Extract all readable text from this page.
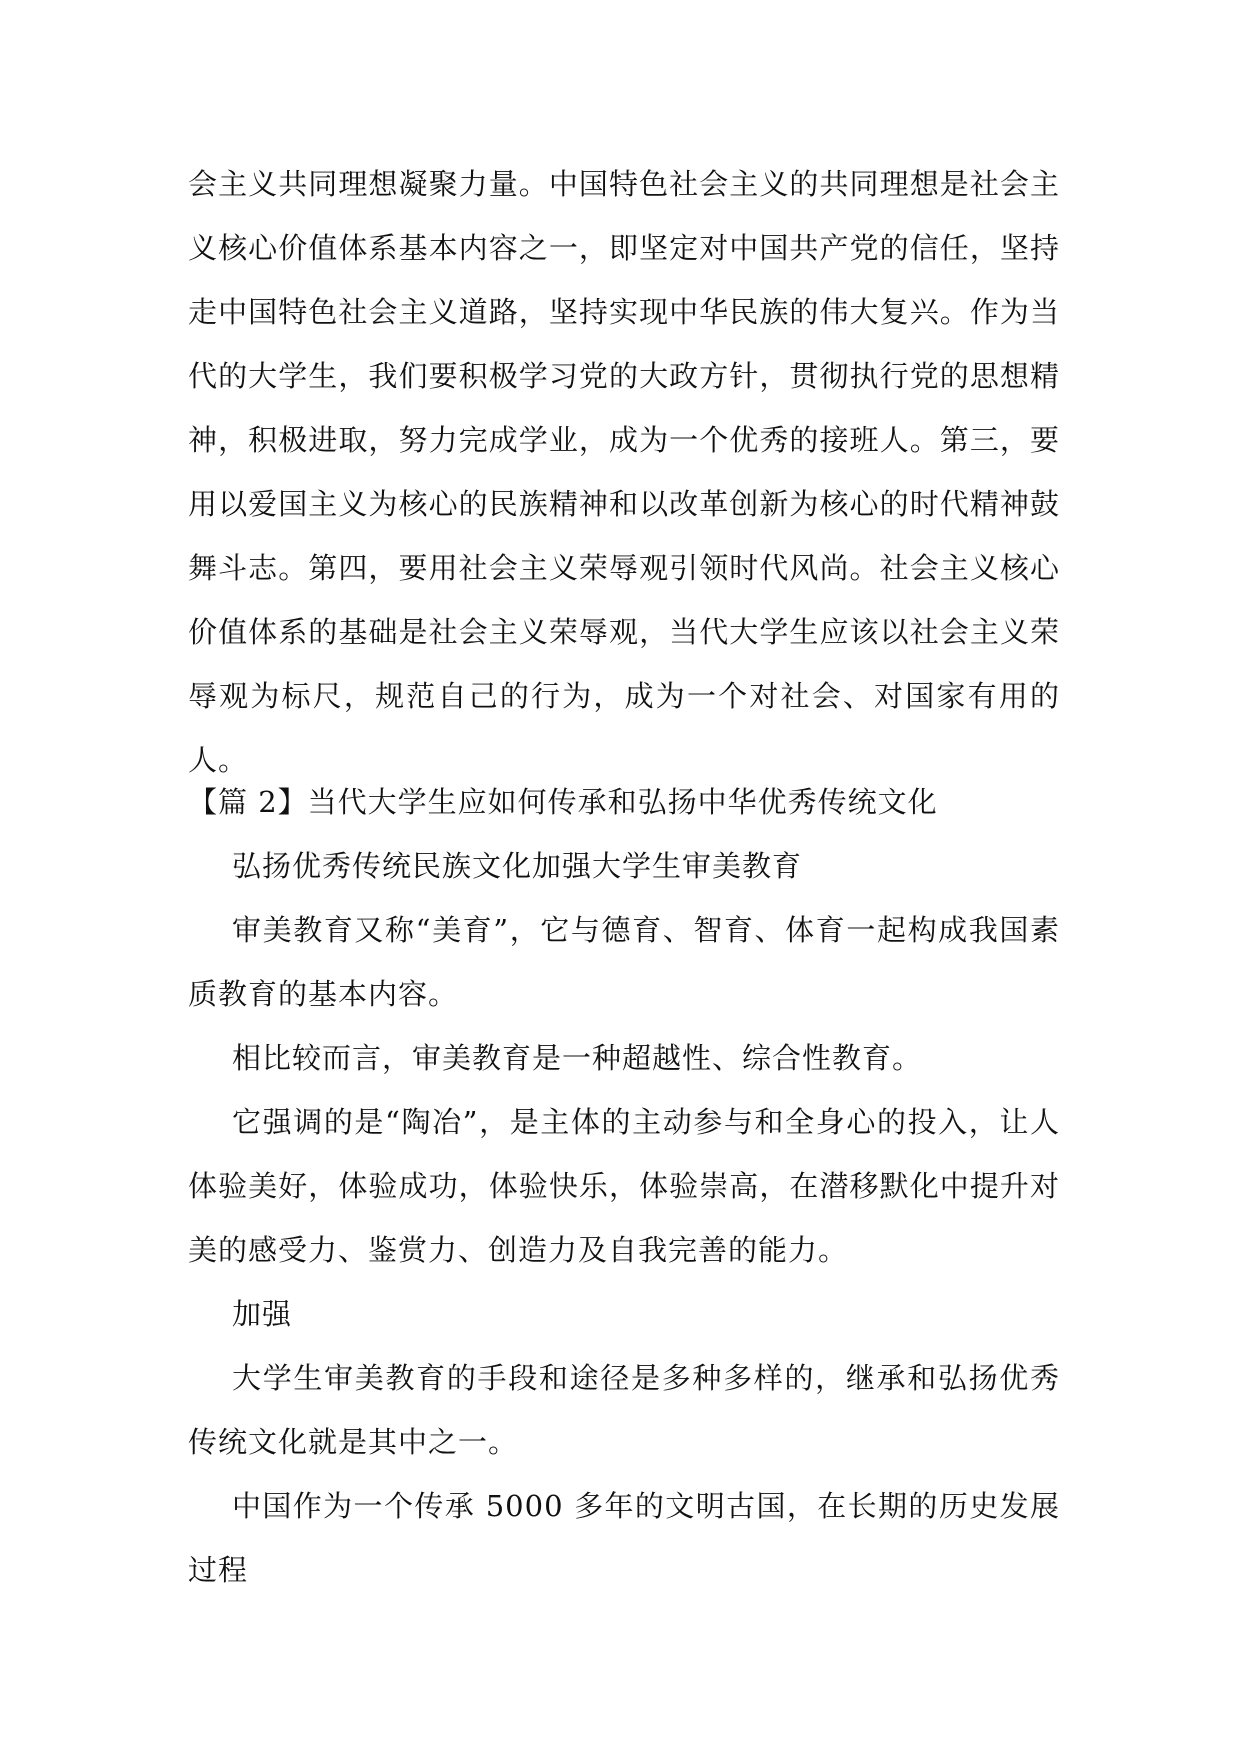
会主义共同理想凝聚力量。中国特色社会主义的共同理想是社会主义核心价值体系基本内容之一，即坚定对中国共产党的信任，坚持走中国特色社会主义道路，坚持实现中华民族的伟大复兴。作为当代的大学生，我们要积极学习党的大政方针，贯彻执行党的思想精神，积极进取，努力完成学业，成为一个优秀的接班人。第三，要用以爱国主义为核心的民族精神和以改革创新为核心的时代精神鼓舞斗志。第四，要用社会主义荣辱观引领时代风尚。社会主义核心价值体系的基础是社会主义荣辱观，当代大学生应该以社会主义荣辱观为标尺，规范自己的行为，成为一个对社会、对国家有用的人。

【篇 2】当代大学生应如何传承和弘扬中华优秀传统文化

弘扬优秀传统民族文化加强大学生审美教育

审美教育又称“美育”，它与德育、智育、体育一起构成我国素质教育的基本内容。

相比较而言，审美教育是一种超越性、综合性教育。

它强调的是“陶冶”，是主体的主动参与和全身心的投入，让人体验美好，体验成功，体验快乐，体验崇高，在潜移默化中提升对美的感受力、鉴赏力、创造力及自我完善的能力。

加强

大学生审美教育的手段和途径是多种多样的，继承和弘扬优秀传统文化就是其中之一。

中国作为一个传承 5000 多年的文明古国，在长期的历史发展过程
